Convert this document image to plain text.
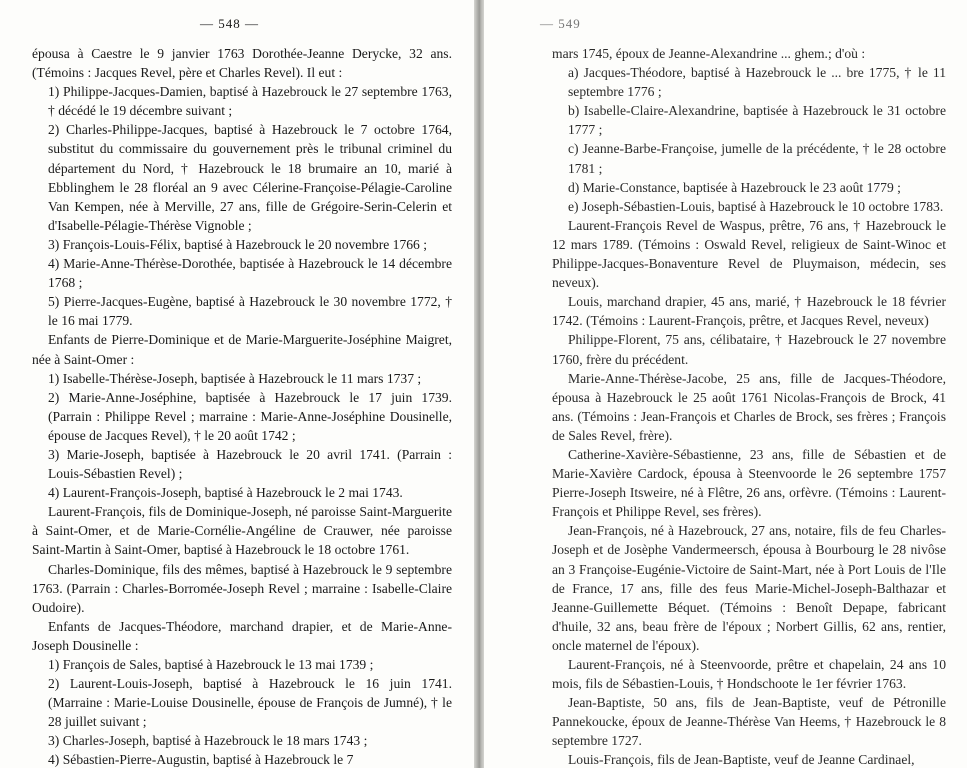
— 548 —

épousa à Caestre le 9 janvier 1763 Dorothée-Jeanne Derycke, 32 ans. (Témoins : Jacques Revel, père et Charles Revel). Il eut :

1) Philippe-Jacques-Damien, baptisé à Hazebrouck le 27 septembre 1763, † décédé le 19 décembre suivant ;

2) Charles-Philippe-Jacques, baptisé à Hazebrouck le 7 octobre 1764, substitut du commissaire du gouvernement près le tribunal criminel du département du Nord, † Hazebrouck le 18 brumaire an 10, marié à Ebblinghem le 28 floréal an 9 avec Célerine-Françoise-Pélagie-Caroline Van Kempen, née à Merville, 27 ans, fille de Grégoire-Serin-Celerin et d'Isabelle-Pélagie-Thérèse Vignoble ;

3) François-Louis-Félix, baptisé à Hazebrouck le 20 novembre 1766 ;

4) Marie-Anne-Thérèse-Dorothée, baptisée à Hazebrouck le 14 décembre 1768 ;

5) Pierre-Jacques-Eugène, baptisé à Hazebrouck le 30 novembre 1772, † le 16 mai 1779.

Enfants de Pierre-Dominique et de Marie-Marguerite-Joséphine Maigret, née à Saint-Omer :

1) Isabelle-Thérèse-Joseph, baptisée à Hazebrouck le 11 mars 1737 ;

2) Marie-Anne-Joséphine, baptisée à Hazebrouck le 17 juin 1739. (Parrain : Philippe Revel ; marraine : Marie-Anne-Joséphine Dousinelle, épouse de Jacques Revel), † le 20 août 1742 ;

3) Marie-Joseph, baptisée à Hazebrouck le 20 avril 1741. (Parrain : Louis-Sébastien Revel) ;

4) Laurent-François-Joseph, baptisé à Hazebrouck le 2 mai 1743.

Laurent-François, fils de Dominique-Joseph, né paroisse Saint-Marguerite à Saint-Omer, et de Marie-Cornélie-Angéline de Crauwer, née paroisse Saint-Martin à Saint-Omer, baptisé à Hazebrouck le 18 octobre 1761.

Charles-Dominique, fils des mêmes, baptisé à Hazebrouck le 9 septembre 1763. (Parrain : Charles-Borromée-Joseph Revel ; marraine : Isabelle-Claire Oudoire).

Enfants de Jacques-Théodore, marchand drapier, et de Marie-Anne-Joseph Dousinelle :

1) François de Sales, baptisé à Hazebrouck le 13 mai 1739 ;

2) Laurent-Louis-Joseph, baptisé à Hazebrouck le 16 juin 1741. (Marraine : Marie-Louise Dousinelle, épouse de François de Jumné), † le 28 juillet suivant ;

3) Charles-Joseph, baptisé à Hazebrouck le 18 mars 1743 ;

4) Sébastien-Pierre-Augustin, baptisé à Hazebrouck le 7

— 549

mars 1745, époux de Jeanne-Alexandrine ... ghem.; d'où :

a) Jacques-Théodore, baptisé à Hazebrouck le ... bre 1775, † le 11 septembre 1776 ;

b) Isabelle-Claire-Alexandrine, baptisée à Hazebrouck le 31 octobre 1777 ;

c) Jeanne-Barbe-Françoise, jumelle de la précédente, † le 28 octobre 1781 ;

d) Marie-Constance, baptisée à Hazebrouck le 23 août 1779 ;

e) Joseph-Sébastien-Louis, baptisé à Hazebrouck le 10 octobre 1783.

Laurent-François Revel de Waspus, prêtre, 76 ans, † Hazebrouck le 12 mars 1789. (Témoins : Oswald Revel, religieux de Saint-Winoc et Philippe-Jacques-Bonaventure Revel de Pluymaison, médecin, ses neveux).

Louis, marchand drapier, 45 ans, marié, † Hazebrouck le 18 février 1742. (Témoins : Laurent-François, prêtre, et Jacques Revel, neveux)

Philippe-Florent, 75 ans, célibataire, † Hazebrouck le 27 novembre 1760, frère du précédent.

Marie-Anne-Thérèse-Jacobe, 25 ans, fille de Jacques-Théodore, épousa à Hazebrouck le 25 août 1761 Nicolas-François de Brock, 41 ans. (Témoins : Jean-François et Charles de Brock, ses frères ; François de Sales Revel, frère).

Catherine-Xavière-Sébastienne, 23 ans, fille de Sébastien et de Marie-Xavière Cardock, épousa à Steenvoorde le 26 septembre 1757 Pierre-Joseph Itsweire, né à Flêtre, 26 ans, orfèvre. (Témoins : Laurent-François et Philippe Revel, ses frères).

Jean-François, né à Hazebrouck, 27 ans, notaire, fils de feu Charles-Joseph et de Josèphe Vandermeersch, épousa à Bourbourg le 28 nivôse an 3 Françoise-Eugénie-Victoire de Saint-Mart, née à Port Louis de l'Ile de France, 17 ans, fille des feus Marie-Michel-Joseph-Balthazar et Jeanne-Guillemette Béquet. (Témoins : Benoît Depape, fabricant d'huile, 32 ans, beau frère de l'époux ; Norbert Gillis, 62 ans, rentier, oncle maternel de l'époux).

Laurent-François, né à Steenvoorde, prêtre et chapelain, 24 ans 10 mois, fils de Sébastien-Louis, † Hondschoote le 1er février 1763.

Jean-Baptiste, 50 ans, fils de Jean-Baptiste, veuf de Pétronille Pannekoucke, époux de Jeanne-Thérèse Van Heems, † Hazebrouck le 8 septembre 1727.

Louis-François, fils de Jean-Baptiste, veuf de Jeanne Cardinael,
